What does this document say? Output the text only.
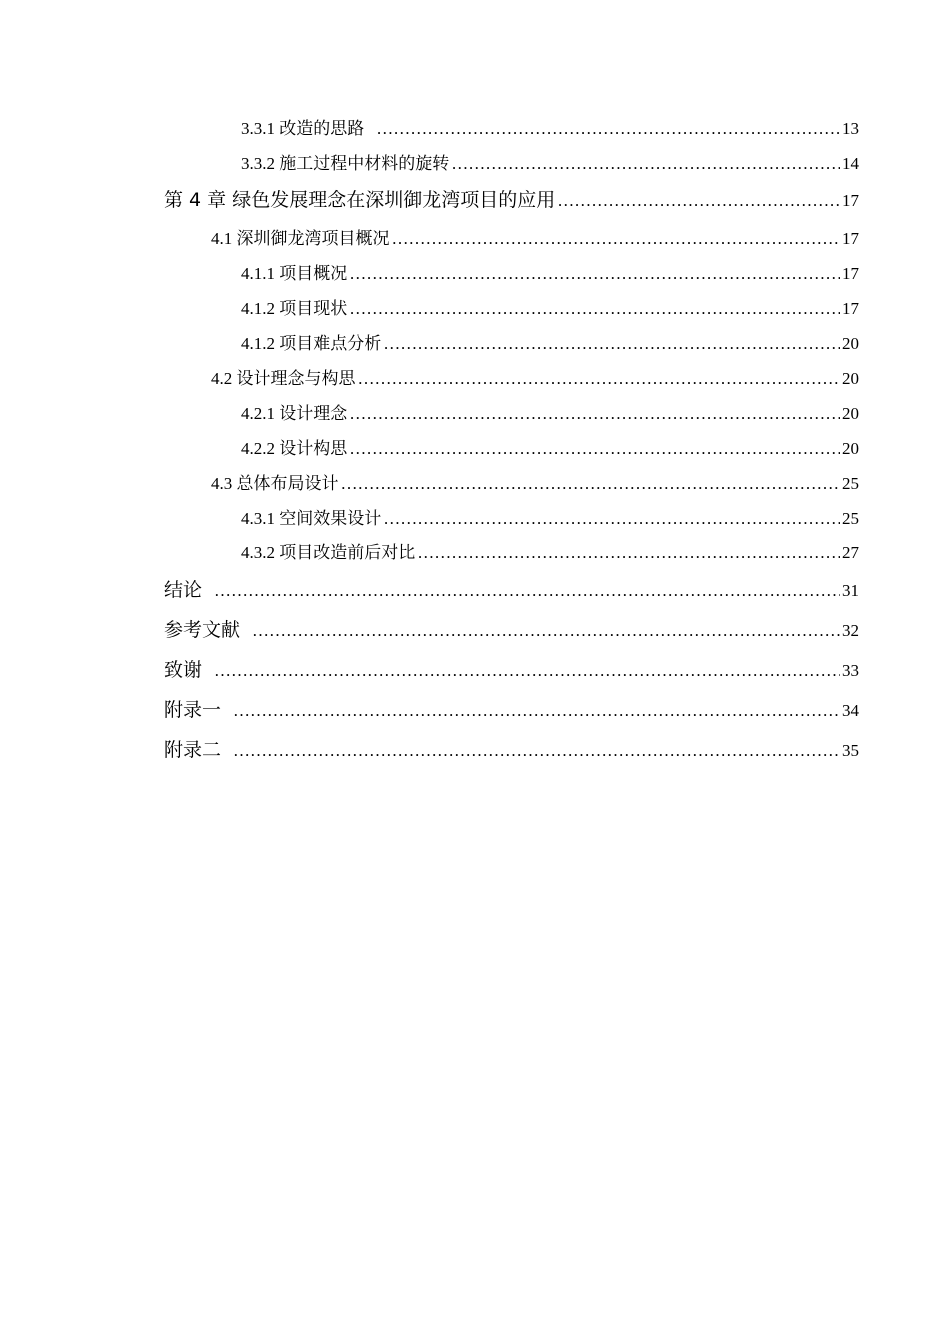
3.3.1 改造的思路 …………………………………………………………………………………………………………………………………………………………………………………………	13
3.3.2 施工过程中材料的旋转 …………………………………………………………………………………………………………………………………………………………………………………………	14
第 4 章 绿色发展理念在深圳御龙湾项目的应用 …………………………………………………………………………………………………………………………………………………………………………………………	17
4.1 深圳御龙湾项目概况 …………………………………………………………………………………………………………………………………………………………………………………………	17
4.1.1 项目概况 …………………………………………………………………………………………………………………………………………………………………………………………	17
4.1.2 项目现状 …………………………………………………………………………………………………………………………………………………………………………………………	17
4.1.2 项目难点分析 …………………………………………………………………………………………………………………………………………………………………………………………	20
4.2 设计理念与构思 …………………………………………………………………………………………………………………………………………………………………………………………	20
4.2.1 设计理念 …………………………………………………………………………………………………………………………………………………………………………………………	20
4.2.2 设计构思 …………………………………………………………………………………………………………………………………………………………………………………………	20
4.3 总体布局设计 …………………………………………………………………………………………………………………………………………………………………………………………	25
4.3.1 空间效果设计 …………………………………………………………………………………………………………………………………………………………………………………………	25
4.3.2 项目改造前后对比 …………………………………………………………………………………………………………………………………………………………………………………………	27
结论 …………………………………………………………………………………………………………………………………………………………………………………………	31
参考文献 …………………………………………………………………………………………………………………………………………………………………………………………	32
致谢 …………………………………………………………………………………………………………………………………………………………………………………………	33
附录一 …………………………………………………………………………………………………………………………………………………………………………………………	34
附录二 …………………………………………………………………………………………………………………………………………………………………………………………	35
